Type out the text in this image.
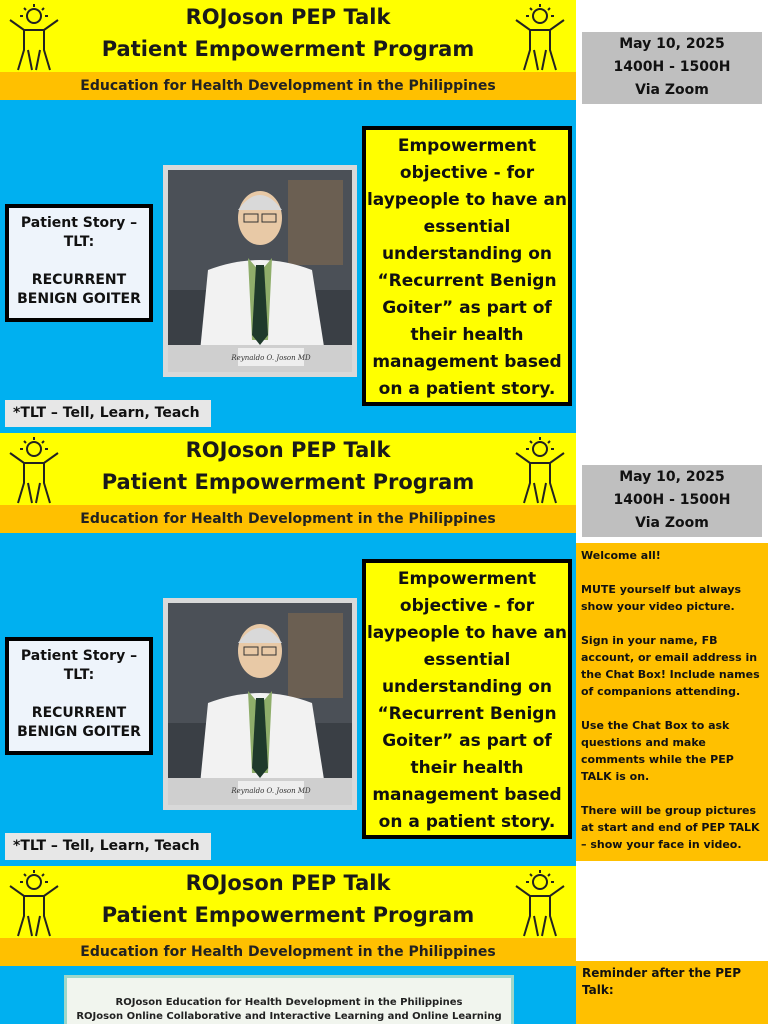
ROJoson PEP Talk
Patient Empowerment Program
Education for Health Development in the Philippines
Patient Story –
TLT:
RECURRENT
BENIGN GOITER
Reynaldo O. Joson MD
Empowerment
objective - for
laypeople to have an
essential
understanding on
“Recurrent Benign
Goiter” as part of
their health
management based
on a patient story.
*TLT – Tell, Learn, Teach
ROJoson PEP Talk
Patient Empowerment Program
Education for Health Development in the Philippines
Patient Story –
TLT:
RECURRENT
BENIGN GOITER
Reynaldo O. Joson MD
Empowerment
objective - for
laypeople to have an
essential
understanding on
“Recurrent Benign
Goiter” as part of
their health
management based
on a patient story.
*TLT – Tell, Learn, Teach
ROJoson PEP Talk
Patient Empowerment Program
Education for Health Development in the Philippines
ROJoson Education for Health Development in the Philippines
ROJoson Online Collaborative and Interactive Learning and Online Learning
May 10, 2025
1400H - 1500H
Via Zoom
May 10, 2025
1400H - 1500H
Via Zoom
Welcome all!

MUTE yourself but always show your video picture.

Sign in your name, FB account, or email address in the Chat Box! Include names of companions attending.

Use the Chat Box to ask questions and make comments while the PEP TALK is on.

There will be group pictures at start and end of PEP TALK – show your face in video.
Reminder after the PEP Talk:
